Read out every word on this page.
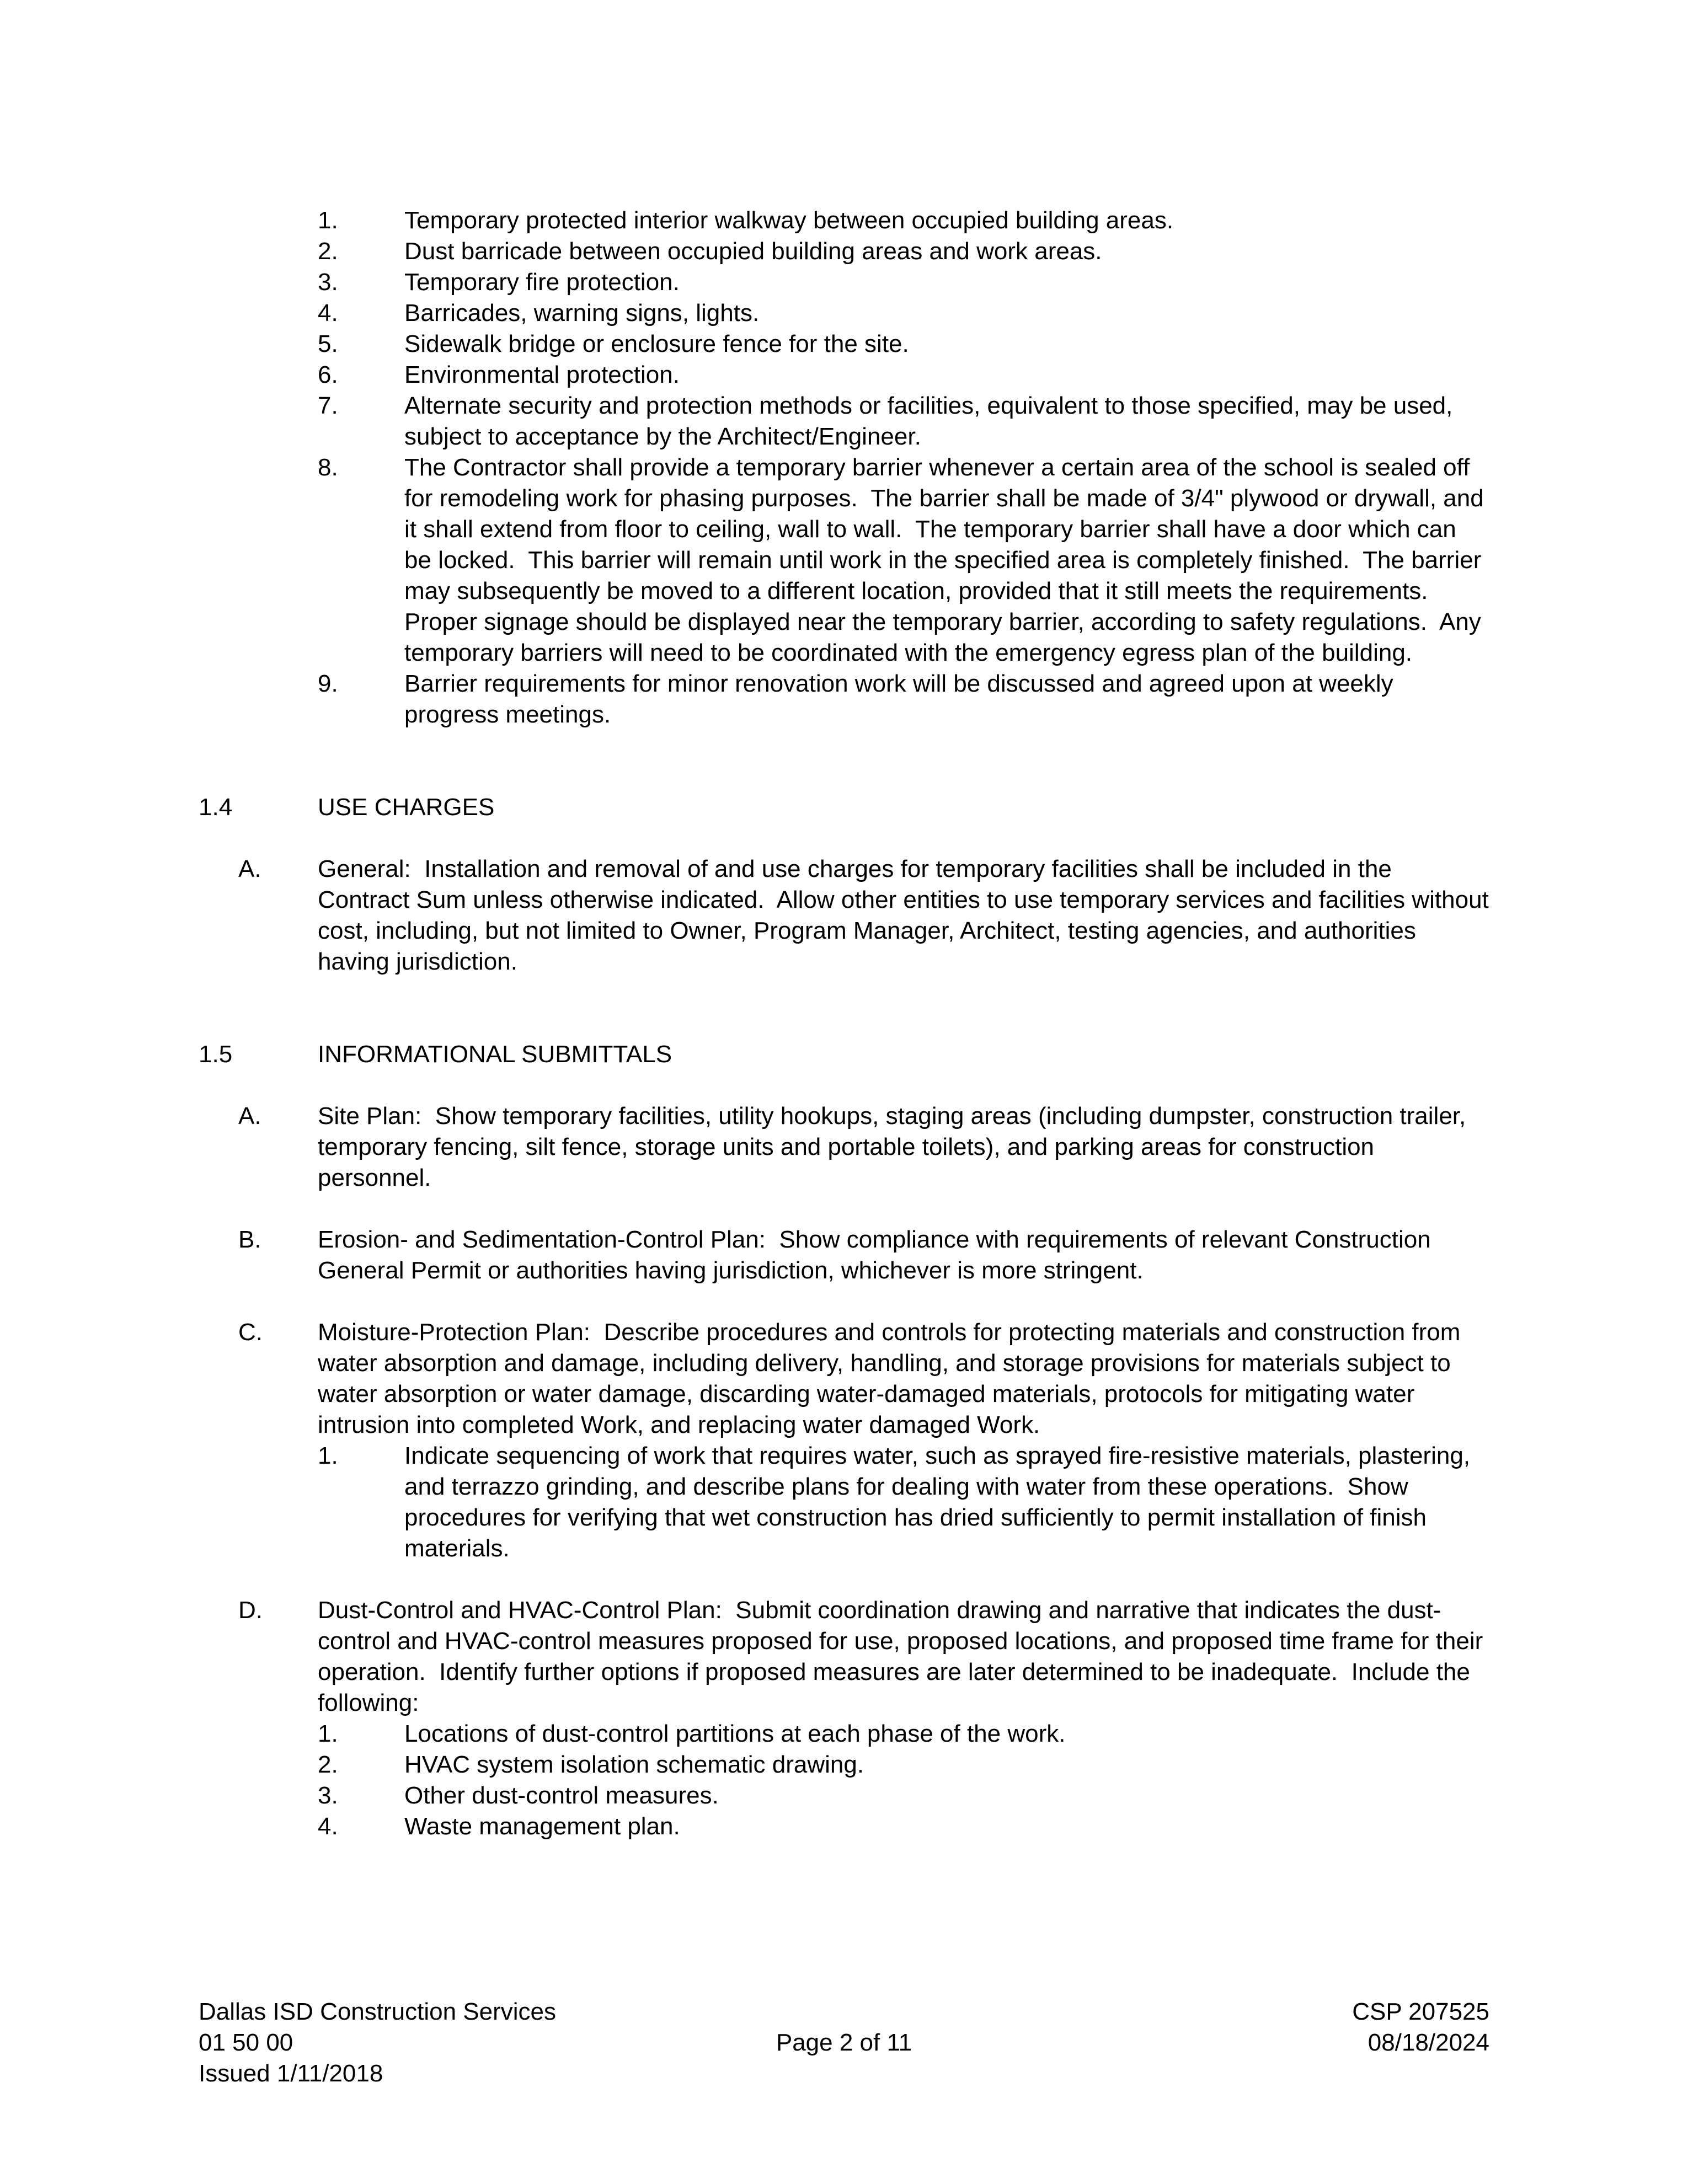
1.	Temporary protected interior walkway between occupied building areas.
2.	Dust barricade between occupied building areas and work areas.
3.	Temporary fire protection.
4.	Barricades, warning signs, lights.
5.	Sidewalk bridge or enclosure fence for the site.
6.	Environmental protection.
7.	Alternate security and protection methods or facilities, equivalent to those specified, may be used, subject to acceptance by the Architect/Engineer.
8.	The Contractor shall provide a temporary barrier whenever a certain area of the school is sealed off for remodeling work for phasing purposes.  The barrier shall be made of 3/4" plywood or drywall, and it shall extend from floor to ceiling, wall to wall.  The temporary barrier shall have a door which can be locked.  This barrier will remain until work in the specified area is completely finished.  The barrier may subsequently be moved to a different location, provided that it still meets the requirements.  Proper signage should be displayed near the temporary barrier, according to safety regulations.  Any temporary barriers will need to be coordinated with the emergency egress plan of the building.
9.	Barrier requirements for minor renovation work will be discussed and agreed upon at weekly progress meetings.
1.4	USE CHARGES
A.	General:  Installation and removal of and use charges for temporary facilities shall be included in the Contract Sum unless otherwise indicated.  Allow other entities to use temporary services and facilities without cost, including, but not limited to Owner, Program Manager, Architect, testing agencies, and authorities having jurisdiction.
1.5	INFORMATIONAL SUBMITTALS
A.	Site Plan:  Show temporary facilities, utility hookups, staging areas (including dumpster, construction trailer, temporary fencing, silt fence, storage units and portable toilets), and parking areas for construction personnel.
B.	Erosion- and Sedimentation-Control Plan:  Show compliance with requirements of relevant Construction General Permit or authorities having jurisdiction, whichever is more stringent.
C.	Moisture-Protection Plan:  Describe procedures and controls for protecting materials and construction from water absorption and damage, including delivery, handling, and storage provisions for materials subject to water absorption or water damage, discarding water-damaged materials, protocols for mitigating water intrusion into completed Work, and replacing water damaged Work.
1.	Indicate sequencing of work that requires water, such as sprayed fire-resistive materials, plastering, and terrazzo grinding, and describe plans for dealing with water from these operations.  Show procedures for verifying that wet construction has dried sufficiently to permit installation of finish materials.
D.	Dust-Control and HVAC-Control Plan:  Submit coordination drawing and narrative that indicates the dust-control and HVAC-control measures proposed for use, proposed locations, and proposed time frame for their operation.  Identify further options if proposed measures are later determined to be inadequate.  Include the following:
1.	Locations of dust-control partitions at each phase of the work.
2.	HVAC system isolation schematic drawing.
3.	Other dust-control measures.
4.	Waste management plan.
Dallas ISD Construction Services
01 50 00
Issued 1/11/2018
Page 2 of 11
CSP 207525
08/18/2024
